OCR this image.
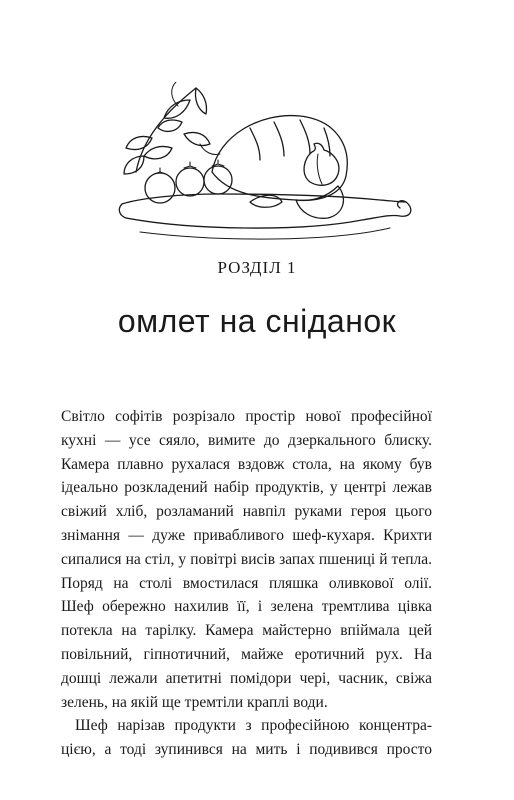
РОЗДІЛ 1
омлет на сніданок
Світло софітів розрізало простір нової професійної
кухні — усе сяяло, вимите до дзеркального блиску.
Камера плавно рухалася вздовж стола, на якому був
ідеально розкладений набір продуктів, у центрі лежав
свіжий хліб, розламаний навпіл руками героя цього
знімання — дуже привабливого шеф-кухаря. Крихти
сипалися на стіл, у повітрі висів запах пшениці й тепла.
Поряд на столі вмостилася пляшка оливкової олії.
Шеф обережно нахилив її, і зелена тремтлива цівка
потекла на тарілку. Камера майстерно впіймала цей
повільний, гіпнотичний, майже еротичний рух. На
дошці лежали апетитні помідори чері, часник, свіжа
зелень, на якій ще тремтіли краплі води.
Шеф нарізав продукти з професійною концентра-
цією, а тоді зупинився на мить і подивився просто
